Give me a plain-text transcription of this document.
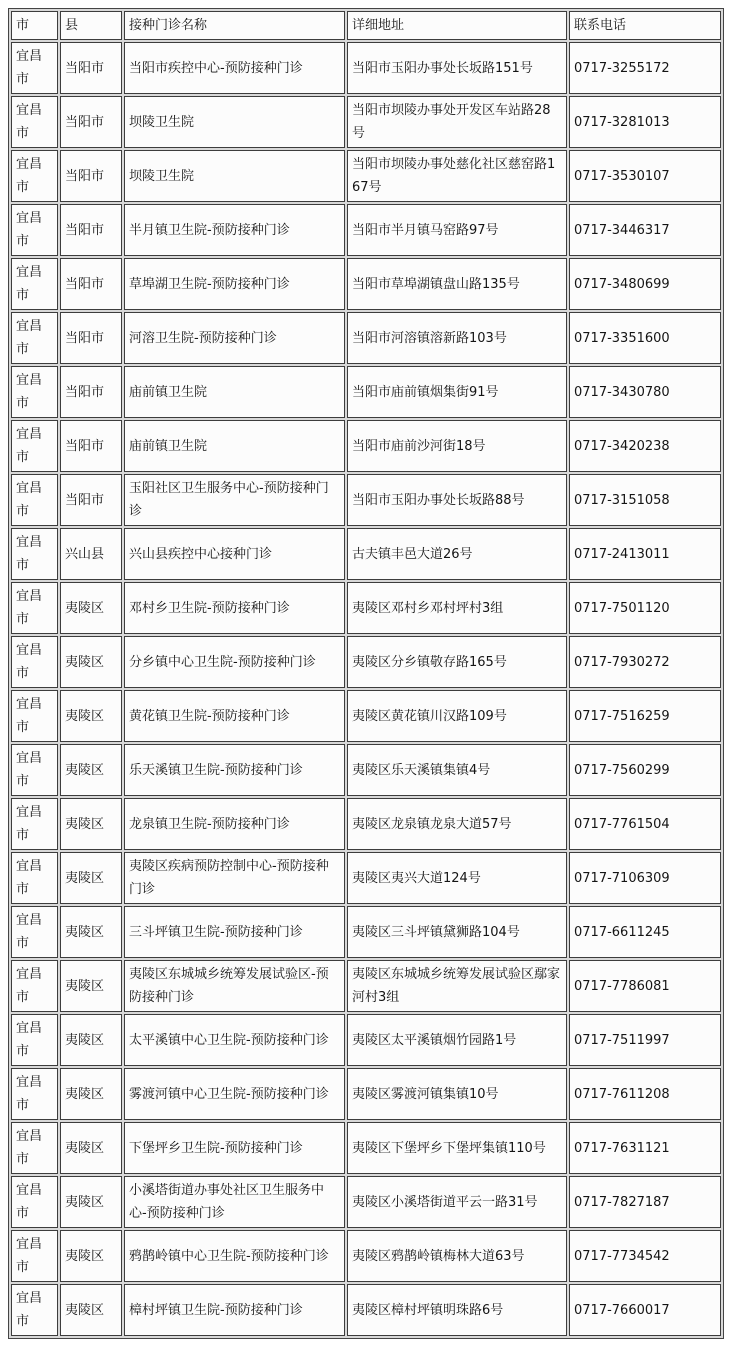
市	县	接种门诊名称	详细地址	联系电话
宜昌市	当阳市	当阳市疾控中心-预防接种门诊	当阳市玉阳办事处长坂路151号	0717-3255172
宜昌市	当阳市	坝陵卫生院	当阳市坝陵办事处开发区车站路28号	0717-3281013
宜昌市	当阳市	坝陵卫生院	当阳市坝陵办事处慈化社区慈窑路167号	0717-3530107
宜昌市	当阳市	半月镇卫生院-预防接种门诊	当阳市半月镇马窑路97号	0717-3446317
宜昌市	当阳市	草埠湖卫生院-预防接种门诊	当阳市草埠湖镇盘山路135号	0717-3480699
宜昌市	当阳市	河溶卫生院-预防接种门诊	当阳市河溶镇溶新路103号	0717-3351600
宜昌市	当阳市	庙前镇卫生院	当阳市庙前镇烟集街91号	0717-3430780
宜昌市	当阳市	庙前镇卫生院	当阳市庙前沙河街18号	0717-3420238
宜昌市	当阳市	玉阳社区卫生服务中心-预防接种门诊	当阳市玉阳办事处长坂路88号	0717-3151058
宜昌市	兴山县	兴山县疾控中心接种门诊	古夫镇丰邑大道26号	0717-2413011
宜昌市	夷陵区	邓村乡卫生院-预防接种门诊	夷陵区邓村乡邓村坪村3组	0717-7501120
宜昌市	夷陵区	分乡镇中心卫生院-预防接种门诊	夷陵区分乡镇敬存路165号	0717-7930272
宜昌市	夷陵区	黄花镇卫生院-预防接种门诊	夷陵区黄花镇川汉路109号	0717-7516259
宜昌市	夷陵区	乐天溪镇卫生院-预防接种门诊	夷陵区乐天溪镇集镇4号	0717-7560299
宜昌市	夷陵区	龙泉镇卫生院-预防接种门诊	夷陵区龙泉镇龙泉大道57号	0717-7761504
宜昌市	夷陵区	夷陵区疾病预防控制中心-预防接种门诊	夷陵区夷兴大道124号	0717-7106309
宜昌市	夷陵区	三斗坪镇卫生院-预防接种门诊	夷陵区三斗坪镇黛狮路104号	0717-6611245
宜昌市	夷陵区	夷陵区东城城乡统筹发展试验区-预防接种门诊	夷陵区东城城乡统筹发展试验区鄢家河村3组	0717-7786081
宜昌市	夷陵区	太平溪镇中心卫生院-预防接种门诊	夷陵区太平溪镇烟竹园路1号	0717-7511997
宜昌市	夷陵区	雾渡河镇中心卫生院-预防接种门诊	夷陵区雾渡河镇集镇10号	0717-7611208
宜昌市	夷陵区	下堡坪乡卫生院-预防接种门诊	夷陵区下堡坪乡下堡坪集镇110号	0717-7631121
宜昌市	夷陵区	小溪塔街道办事处社区卫生服务中心-预防接种门诊	夷陵区小溪塔街道平云一路31号	0717-7827187
宜昌市	夷陵区	鸦鹊岭镇中心卫生院-预防接种门诊	夷陵区鸦鹊岭镇梅林大道63号	0717-7734542
宜昌市	夷陵区	樟村坪镇卫生院-预防接种门诊	夷陵区樟村坪镇明珠路6号	0717-7660017
